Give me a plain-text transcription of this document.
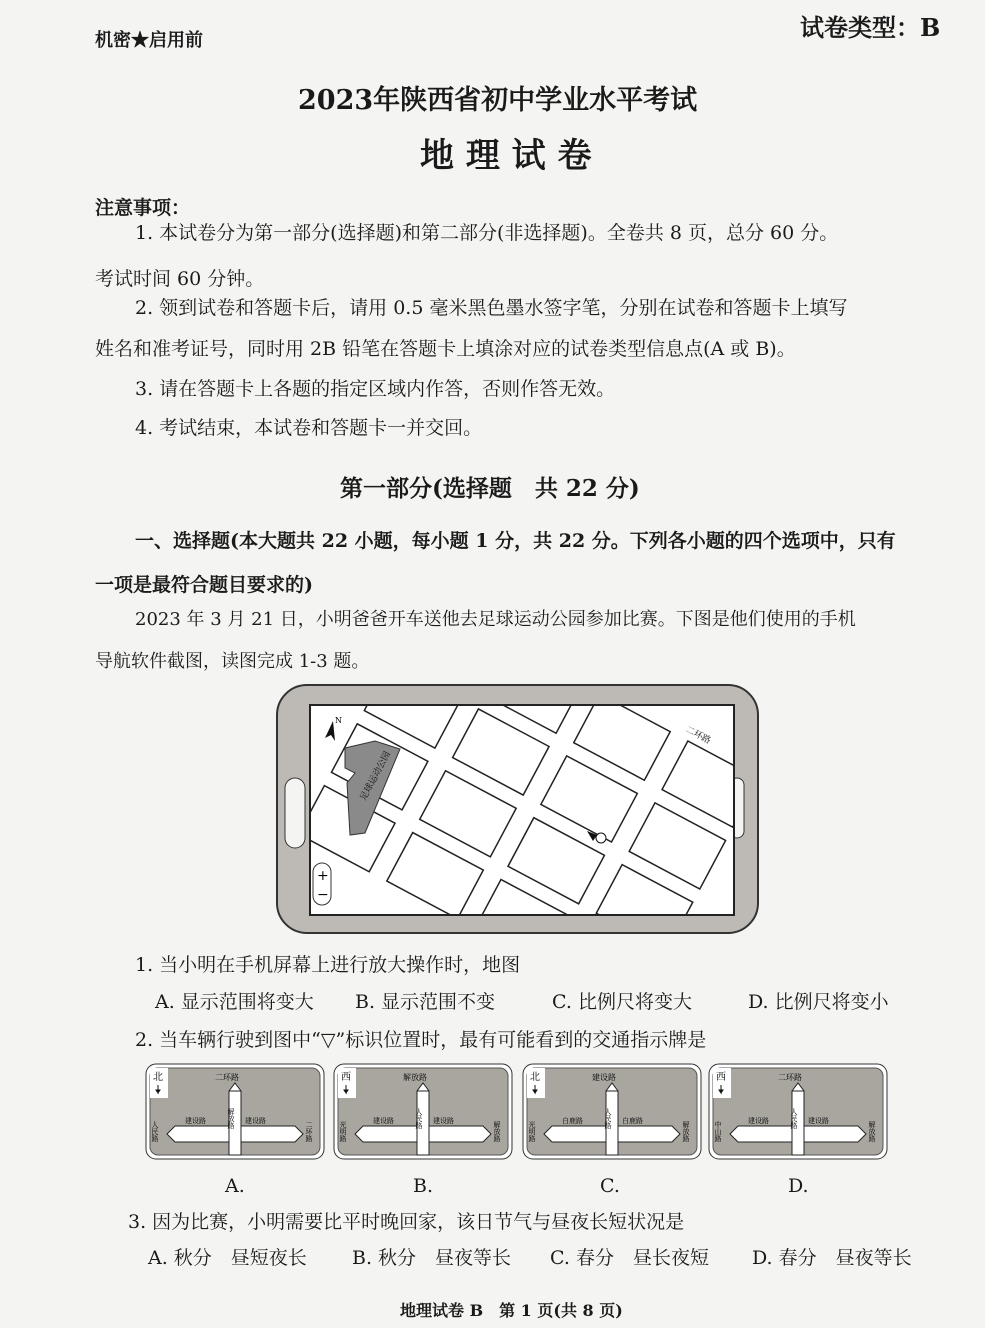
机密★启用前	试卷类型：B
2023年陕西省初中学业水平考试
地 理 试 卷
注意事项：
1. 本试卷分为第一部分(选择题)和第二部分(非选择题)。全卷共 8 页，总分 60 分。
考试时间 60 分钟。
2. 领到试卷和答题卡后，请用 0.5 毫米黑色墨水签字笔，分别在试卷和答题卡上填写
姓名和准考证号，同时用 2B 铅笔在答题卡上填涂对应的试卷类型信息点(A 或 B)。
3. 请在答题卡上各题的指定区域内作答，否则作答无效。
4. 考试结束，本试卷和答题卡一并交回。
第一部分(选择题　共 22 分)
一、选择题(本大题共 22 小题，每小题 1 分，共 22 分。下列各小题的四个选项中，只有
一项是最符合题目要求的)
2023 年 3 月 21 日，小明爸爸开车送他去足球运动公园参加比赛。下图是他们使用的手机
导航软件截图，读图完成 1-3 题。
足球运动公园
二环路
N
+
−
1. 当小明在手机屏幕上进行放大操作时，地图
A. 显示范围将变大 B. 显示范围不变	C. 比例尺将变大	D. 比例尺将变小
2. 当车辆行驶到图中“▽”标识位置时，最有可能看到的交通指示牌是
北	二环路
解放路
建设路	建设路
人民路	二环路
西	解放路
人民路
建设路	建设路
光明路	解放路
北	建设路
人民路
白鹿路	白鹿路
光明路	解放路
西	二环路
人民路
建设路	建设路
中山路	解放路
A.	B.	C.	D.
3. 因为比赛，小明需要比平时晚回家，该日节气与昼夜长短状况是
A. 秋分　昼短夜长 B. 秋分　昼夜等长 C. 春分　昼长夜短 D. 春分　昼夜等长
地理试卷 B　第 1 页(共 8 页)
